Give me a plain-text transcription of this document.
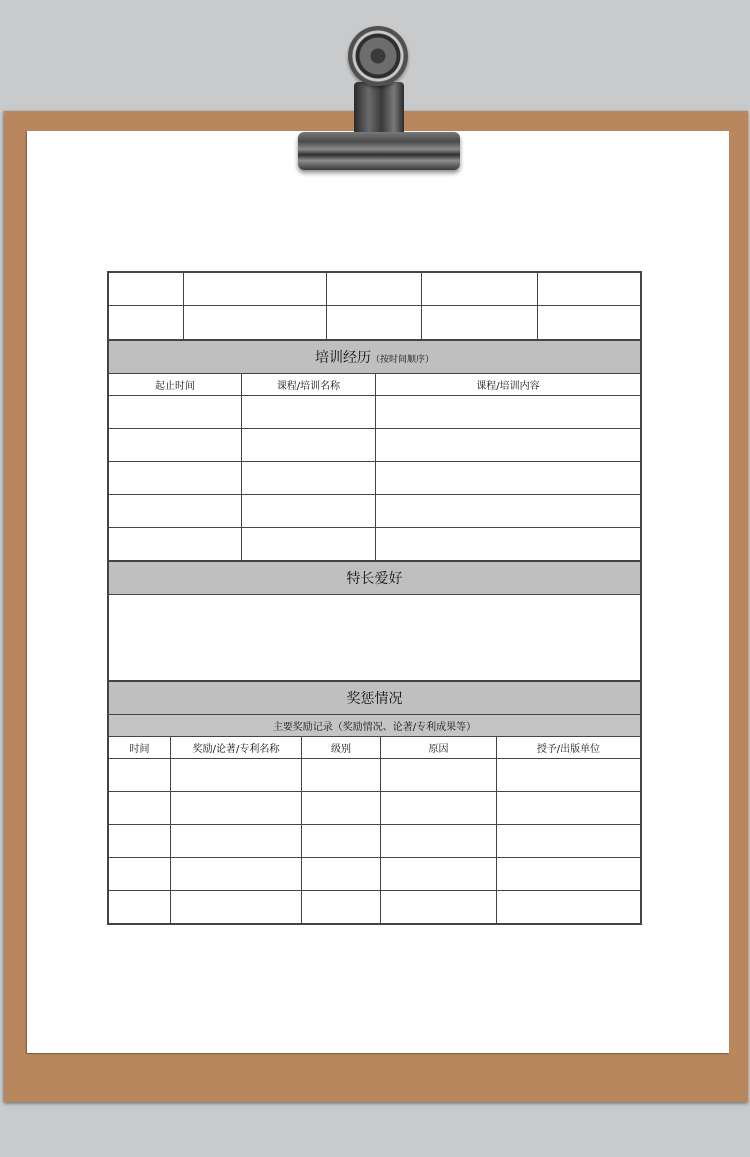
培训经历（按时间顺序）		
起止时间	课程/培训名称	课程/培训内容

特长爱好

奖惩情况				
主要奖励记录（奖励情况、论著/专利成果等）				
时间	奖励/论著/专利名称	级别	原因	授予/出版单位
